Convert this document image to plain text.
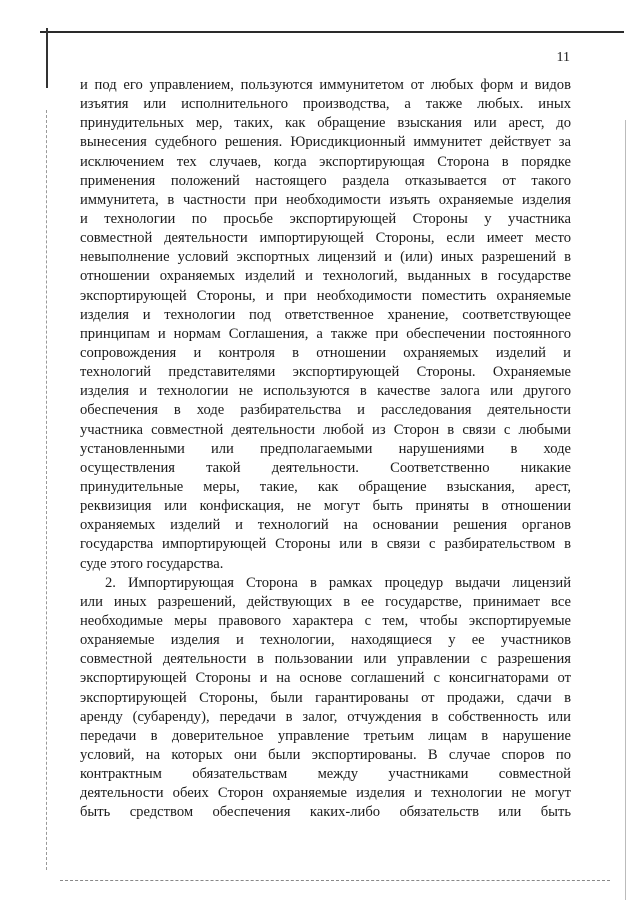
11
и под его управлением, пользуются иммунитетом от любых форм и видов
изъятия или исполнительного производства, а также любых. иных
принудительных мер, таких, как обращение взыскания или арест, до
вынесения судебного решения. Юрисдикционный иммунитет действует за
исключением тех случаев, когда экспортирующая Сторона в порядке
применения положений настоящего раздела отказывается от такого
иммунитета, в частности при необходимости изъять охраняемые изделия
и технологии по просьбе экспортирующей Стороны у участника
совместной деятельности импортирующей Стороны, если имеет место
невыполнение условий экспортных лицензий и (или) иных разрешений в
отношении охраняемых изделий и технологий, выданных в государстве
экспортирующей Стороны, и при необходимости поместить охраняемые
изделия и технологии под ответственное хранение, соответствующее
принципам и нормам Соглашения, а также при обеспечении постоянного
сопровождения и контроля в отношении охраняемых изделий и
технологий представителями экспортирующей Стороны. Охраняемые
изделия и технологии не используются в качестве залога или другого
обеспечения в ходе разбирательства и расследования деятельности
участника совместной деятельности любой из Сторон в связи с любыми
установленными или предполагаемыми нарушениями в ходе
осуществления такой деятельности. Соответственно никакие
принудительные меры, такие, как обращение взыскания, арест,
реквизиция или конфискация, не могут быть приняты в отношении
охраняемых изделий и технологий на основании решения органов
государства импортирующей Стороны или в связи с разбирательством в
суде этого государства.
2. Импортирующая Сторона в рамках процедур выдачи лицензий
или иных разрешений, действующих в ее государстве, принимает все
необходимые меры правового характера с тем, чтобы экспортируемые
охраняемые изделия и технологии, находящиеся у ее участников
совместной деятельности в пользовании или управлении с разрешения
экспортирующей Стороны и на основе соглашений с консигнаторами от
экспортирующей Стороны, были гарантированы от продажи, сдачи в
аренду (субаренду), передачи в залог, отчуждения в собственность или
передачи в доверительное управление третьим лицам в нарушение
условий, на которых они были экспортированы. В случае споров по
контрактным обязательствам между участниками совместной
деятельности обеих Сторон охраняемые изделия и технологии не могут
быть средством обеспечения каких-либо обязательств или быть
